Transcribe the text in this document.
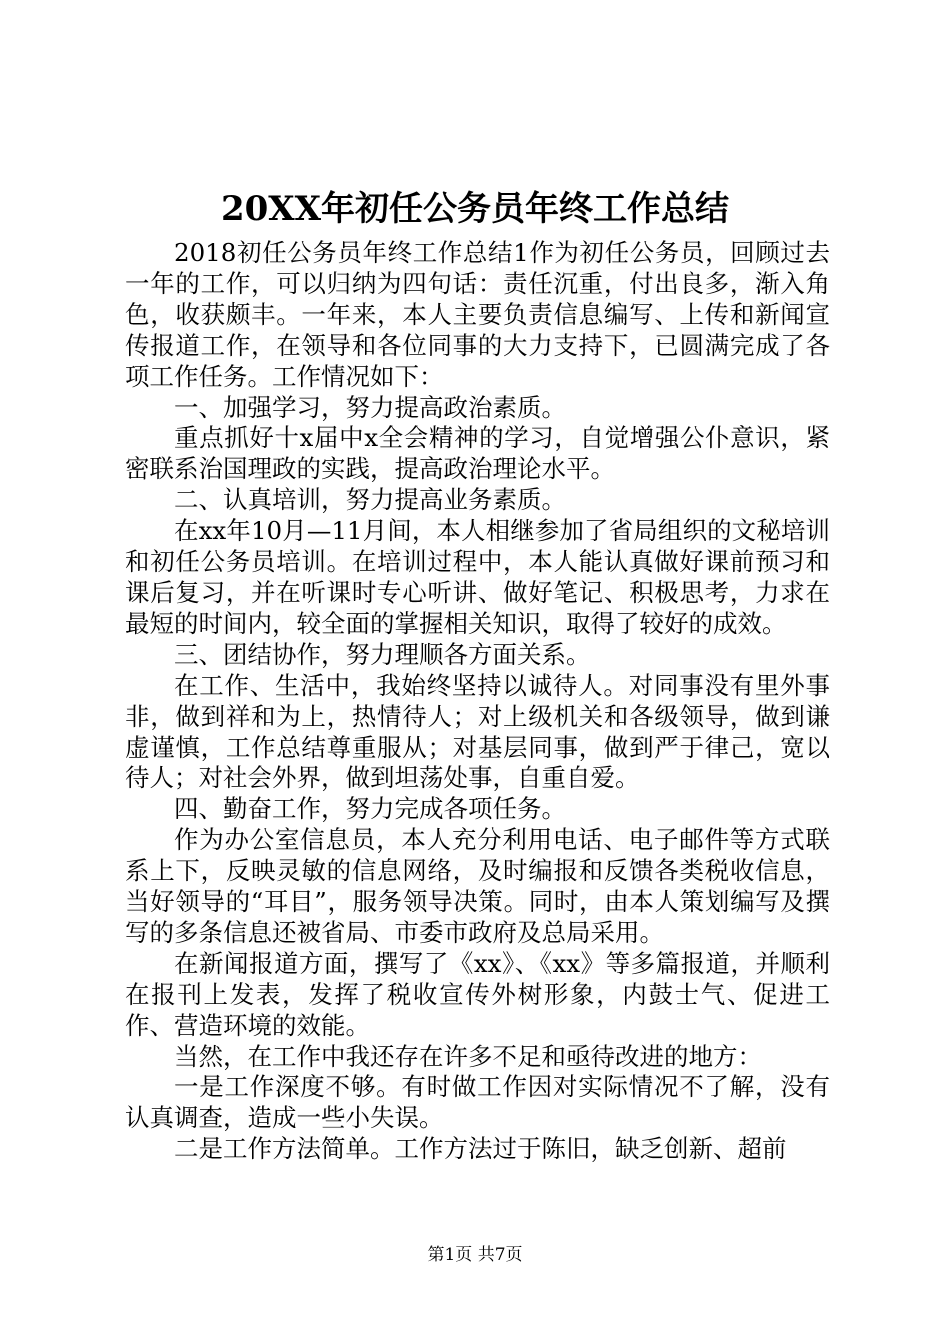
20XX年初任公务员年终工作总结

2018初任公务员年终工作总结1作为初任公务员，回顾过去一年的工作，可以归纳为四句话：责任沉重，付出良多，渐入角色，收获颇丰。一年来，本人主要负责信息编写、上传和新闻宣传报道工作，在领导和各位同事的大力支持下，已圆满完成了各项工作任务。工作情况如下：

一、加强学习，努力提高政治素质。

重点抓好十x届中x全会精神的学习，自觉增强公仆意识，紧密联系治国理政的实践，提高政治理论水平。

二、认真培训，努力提高业务素质。

在xx年10月—11月间，本人相继参加了省局组织的文秘培训和初任公务员培训。在培训过程中，本人能认真做好课前预习和课后复习，并在听课时专心听讲、做好笔记、积极思考，力求在最短的时间内，较全面的掌握相关知识，取得了较好的成效。

三、团结协作，努力理顺各方面关系。

在工作、生活中，我始终坚持以诚待人。对同事没有里外事非，做到祥和为上，热情待人；对上级机关和各级领导，做到谦虚谨慎，工作总结尊重服从；对基层同事，做到严于律己，宽以待人；对社会外界，做到坦荡处事，自重自爱。

四、勤奋工作，努力完成各项任务。

作为办公室信息员，本人充分利用电话、电子邮件等方式联系上下，反映灵敏的信息网络，及时编报和反馈各类税收信息，当好领导的“耳目”，服务领导决策。同时，由本人策划编写及撰写的多条信息还被省局、市委市政府及总局采用。

在新闻报道方面，撰写了《xx》、《xx》等多篇报道，并顺利在报刊上发表，发挥了税收宣传外树形象，内鼓士气、促进工作、营造环境的效能。

当然，在工作中我还存在许多不足和亟待改进的地方：

一是工作深度不够。有时做工作因对实际情况不了解，没有认真调查，造成一些小失误。

二是工作方法简单。工作方法过于陈旧，缺乏创新、超前

第1页 共7页
